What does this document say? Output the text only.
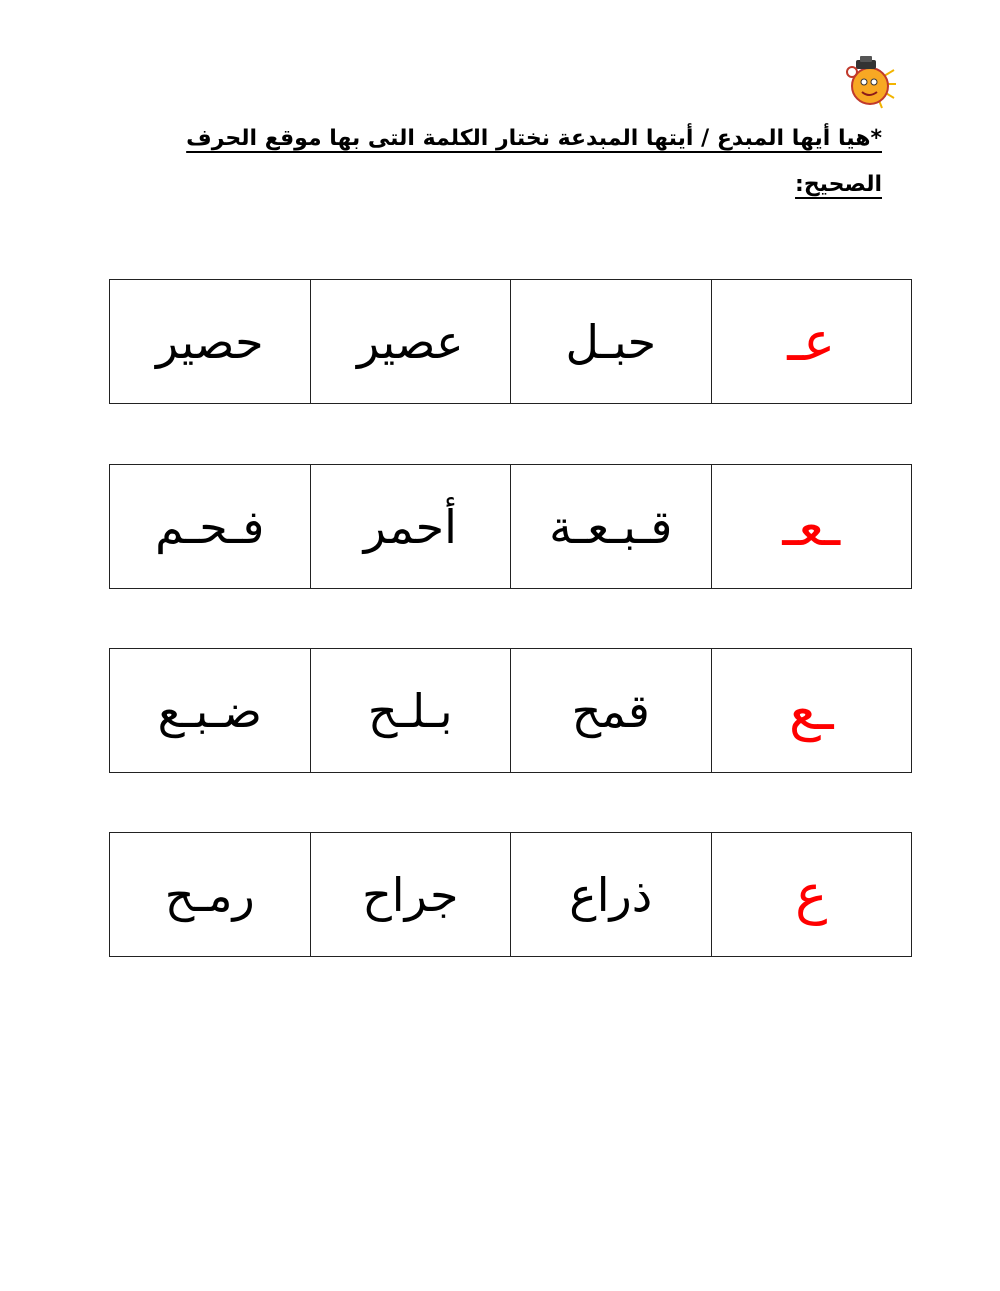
*هيا أيها المبدع / أيتها المبدعة نختار الكلمة التى بها موقع الحرف
الصحيح:
عـ
حبـل
عصير
حصير
ـعـ
قـبـعـة
أحمر
فـحـم
ـع
قمح
بـلـح
ضـبـع
ع
ذراع
جراح
رمـح
